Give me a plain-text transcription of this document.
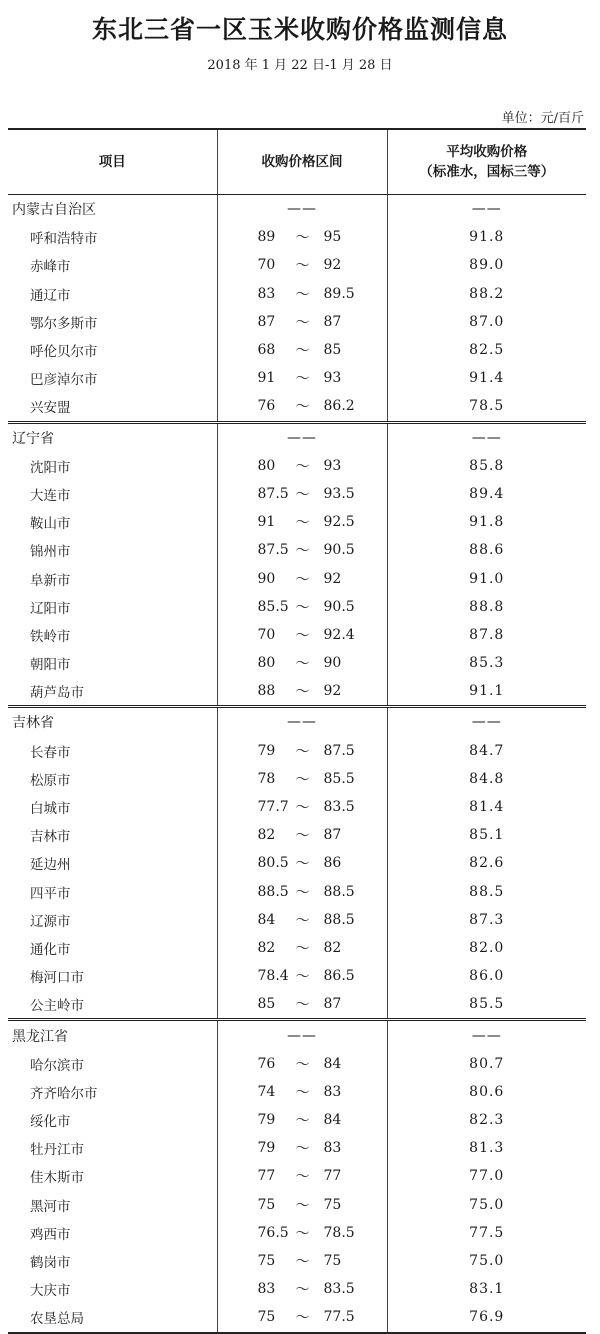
东北三省一区玉米收购价格监测信息
2018 年 1 月 22 日-1 月 28 日
单位：元/百斤
项目	收购价格区间	平均收购价格
（标准水，国标三等）

内蒙古自治区	——	——
呼和浩特市	89 ～ 95	91.8
赤峰市	70 ～ 92	89.0
通辽市	83 ～ 89.5	88.2
鄂尔多斯市	87 ～ 87	87.0
呼伦贝尔市	68 ～ 85	82.5
巴彦淖尔市	91 ～ 93	91.4
兴安盟	76 ～ 86.2	78.5
辽宁省	——	——
沈阳市	80 ～ 93	85.8
大连市	87.5 ～ 93.5	89.4
鞍山市	91 ～ 92.5	91.8
锦州市	87.5 ～ 90.5	88.6
阜新市	90 ～ 92	91.0
辽阳市	85.5 ～ 90.5	88.8
铁岭市	70 ～ 92.4	87.8
朝阳市	80 ～ 90	85.3
葫芦岛市	88 ～ 92	91.1
吉林省	——	——
长春市	79 ～ 87.5	84.7
松原市	78 ～ 85.5	84.8
白城市	77.7 ～ 83.5	81.4
吉林市	82 ～ 87	85.1
延边州	80.5 ～ 86	82.6
四平市	88.5 ～ 88.5	88.5
辽源市	84 ～ 88.5	87.3
通化市	82 ～ 82	82.0
梅河口市	78.4 ～ 86.5	86.0
公主岭市	85 ～ 87	85.5
黑龙江省	——	——
哈尔滨市	76 ～ 84	80.7
齐齐哈尔市	74 ～ 83	80.6
绥化市	79 ～ 84	82.3
牡丹江市	79 ～ 83	81.3
佳木斯市	77 ～ 77	77.0
黑河市	75 ～ 75	75.0
鸡西市	76.5 ～ 78.5	77.5
鹤岗市	75 ～ 75	75.0
大庆市	83 ～ 83.5	83.1
农垦总局	75 ～ 77.5	76.9
